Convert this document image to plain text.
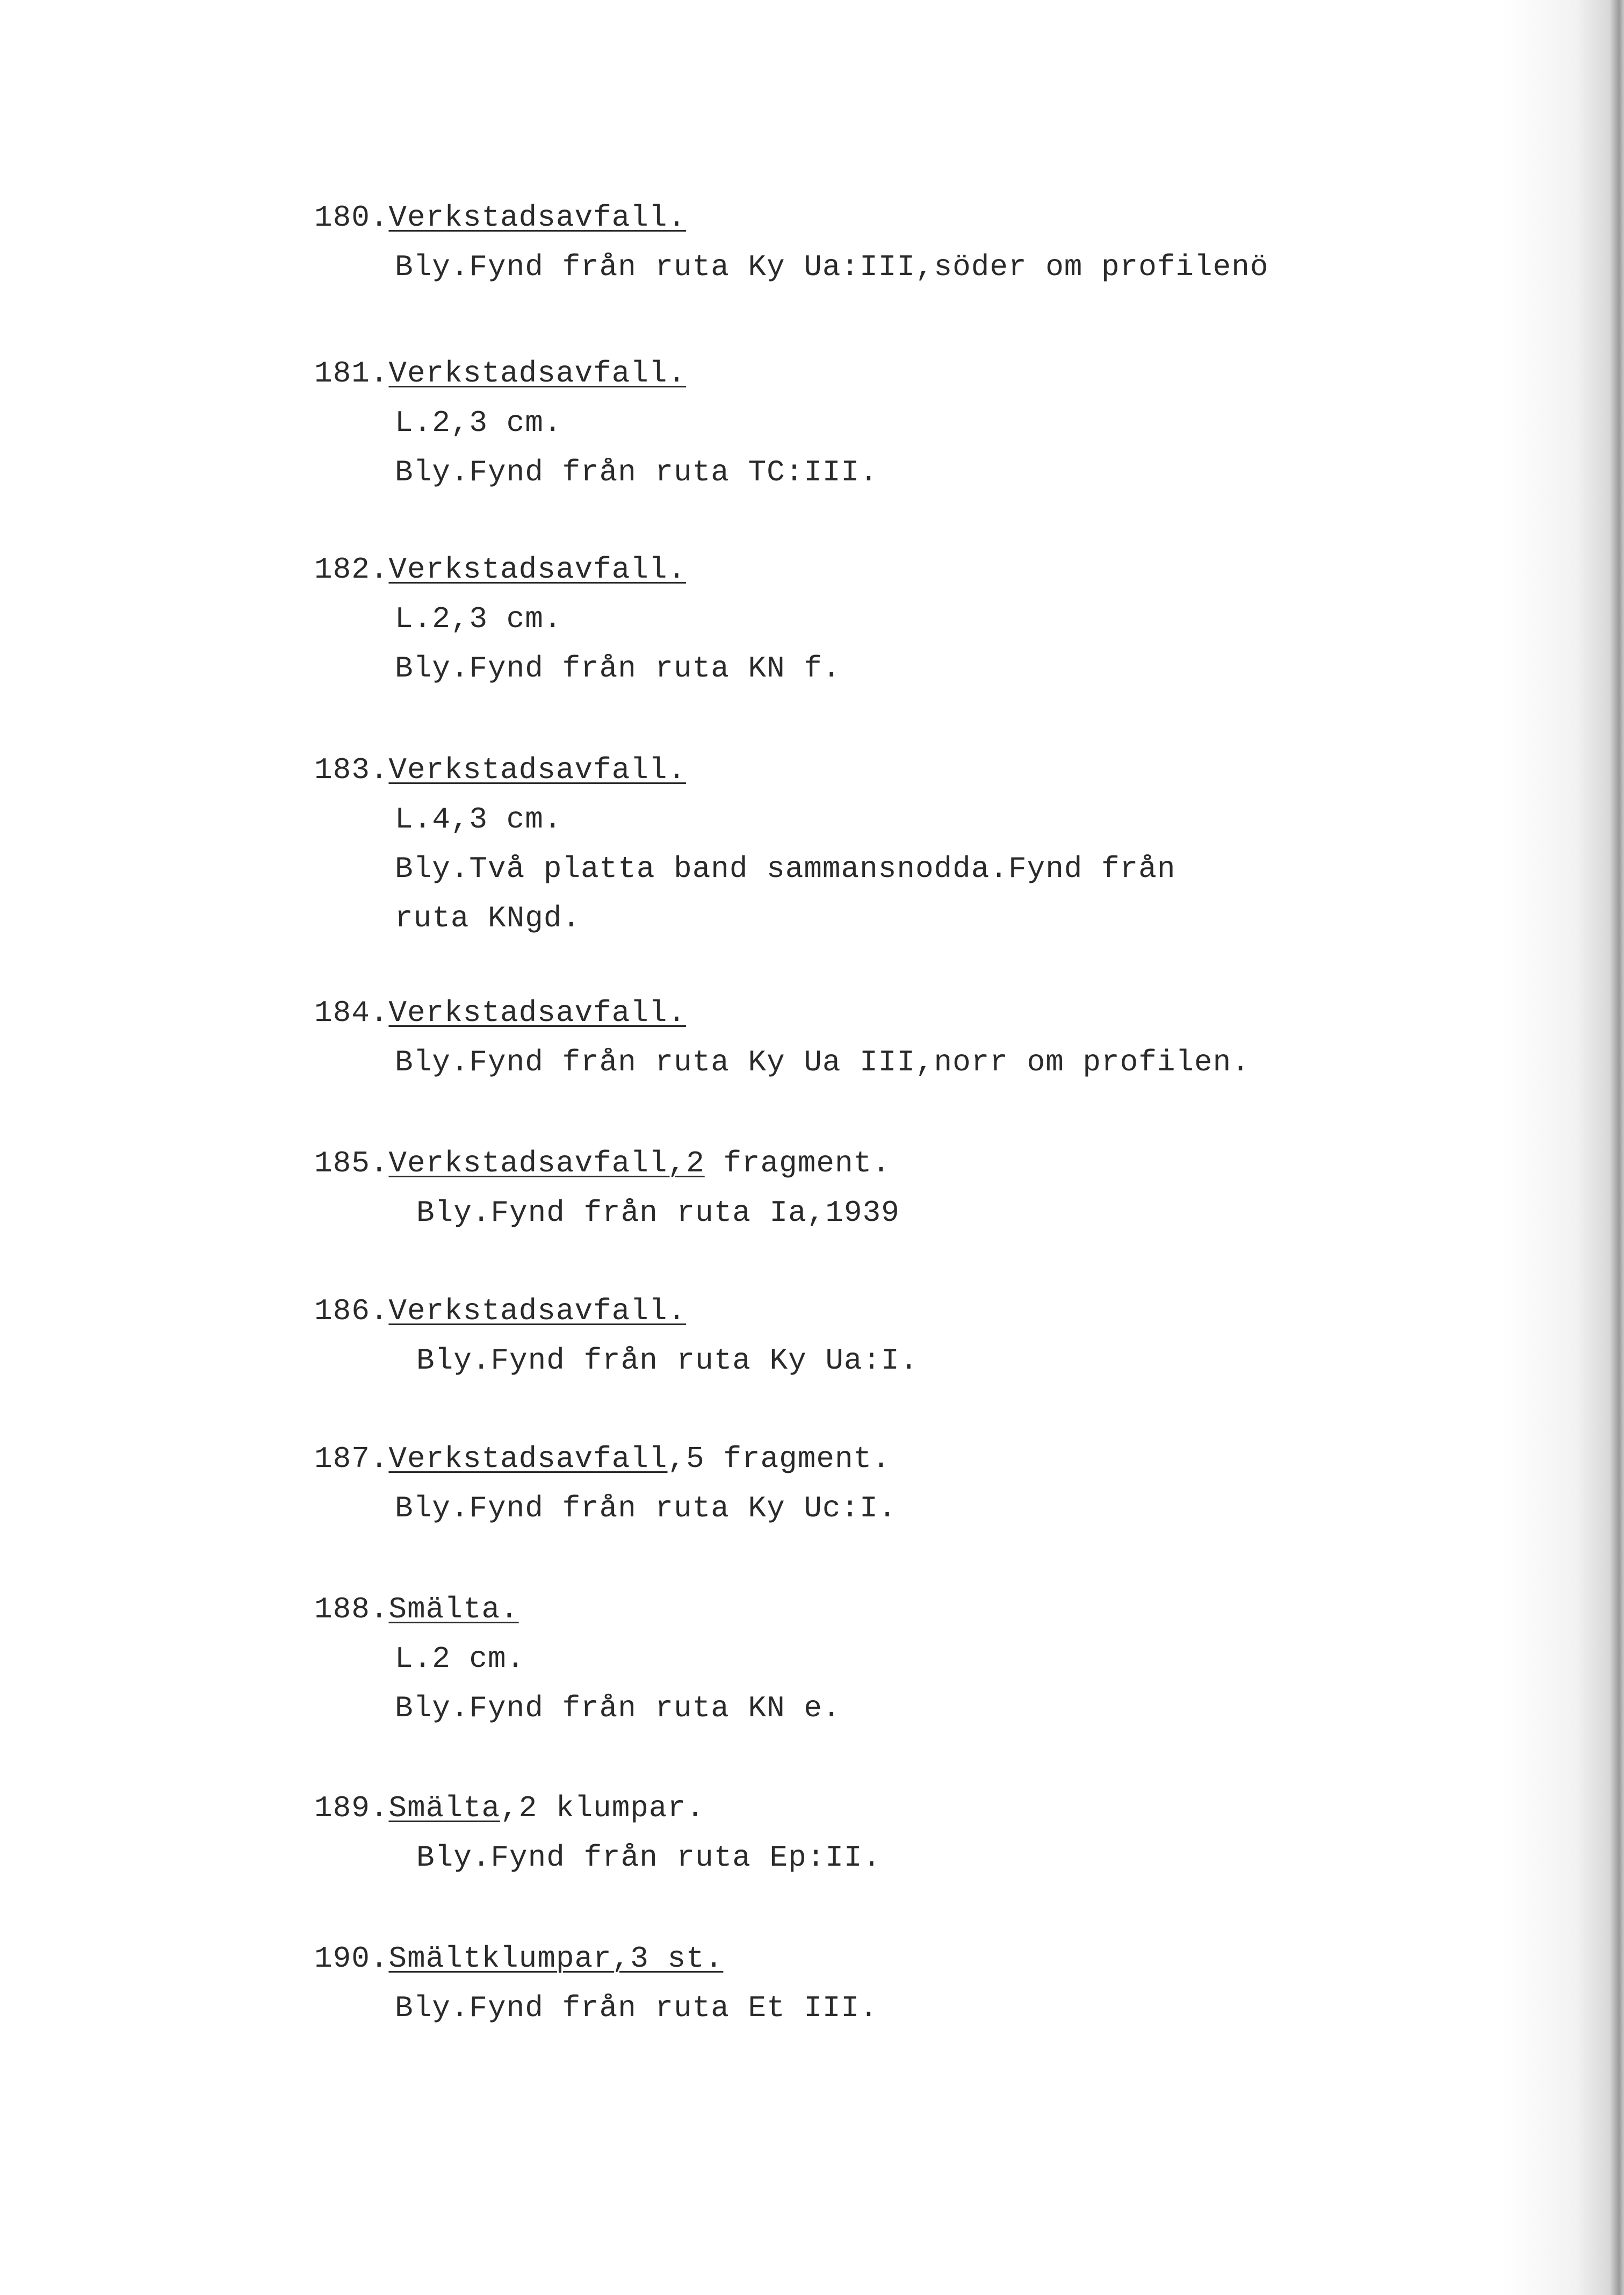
180.Verkstadsavfall.
Bly.Fynd från ruta Ky Ua:III,söder om profilenö
181.Verkstadsavfall.
L.2,3 cm.
Bly.Fynd från ruta TC:III.
182.Verkstadsavfall.
L.2,3 cm.
Bly.Fynd från ruta KN f.
183.Verkstadsavfall.
L.4,3 cm.
Bly.Två platta band sammansnodda.Fynd från
ruta KNgd.
184.Verkstadsavfall.
Bly.Fynd från ruta Ky Ua III,norr om profilen.
185.Verkstadsavfall,2 fragment.
Bly.Fynd från ruta Ia,1939
186.Verkstadsavfall.
Bly.Fynd från ruta Ky Ua:I.
187.Verkstadsavfall,5 fragment.
Bly.Fynd från ruta Ky Uc:I.
188.Smälta.
L.2 cm.
Bly.Fynd från ruta KN e.
189.Smälta,2 klumpar.
Bly.Fynd från ruta Ep:II.
190.Smältklumpar,3 st.
Bly.Fynd från ruta Et III.
